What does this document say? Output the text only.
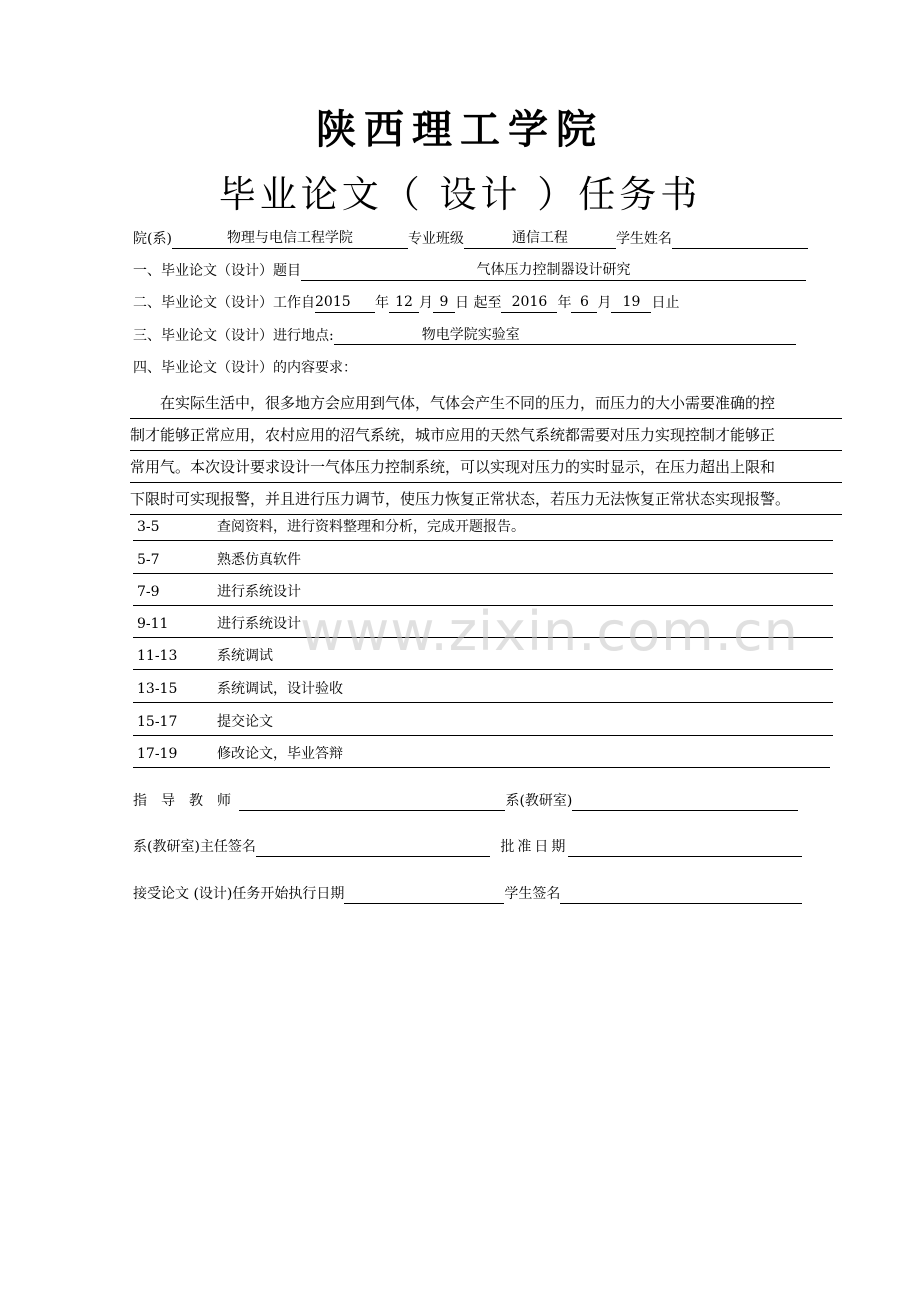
陕西理工学院
毕业论文（ 设计 ）任务书
院(系)	物理与电信工程学院	专业班级	通信工程	学生姓名
一、毕业论文（设计）题目	气体压力控制器设计研究
二、毕业论文（设计）工作自2015 年 12 月 9 日 起至 2016 年 6 月 19 日止
三、毕业论文（设计）进行地点:	物电学院实验室
四、毕业论文（设计）的内容要求：
　　在实际生活中，很多地方会应用到气体，气体会产生不同的压力，而压力的大小需要准确的控
制才能够正常应用，农村应用的沼气系统，城市应用的天然气系统都需要对压力实现控制才能够正
常用气。本次设计要求设计一气体压力控制系统，可以实现对压力的实时显示，在压力超出上限和
下限时可实现报警，并且进行压力调节，使压力恢复正常状态，若压力无法恢复正常状态实现报警。
3-5	查阅资料，进行资料整理和分析，完成开题报告。
5-7	熟悉仿真软件
7-9	进行系统设计
9-11	进行系统设计
11-13	系统调试
13-15	系统调试，设计验收
15-17	提交论文
17-19	修改论文，毕业答辩
www.zixin.com.cn
指　导　教　师	系(教研室)
系(教研室)主任签名	批准日期
接受论文 (设计)任务开始执行日期	学生签名
